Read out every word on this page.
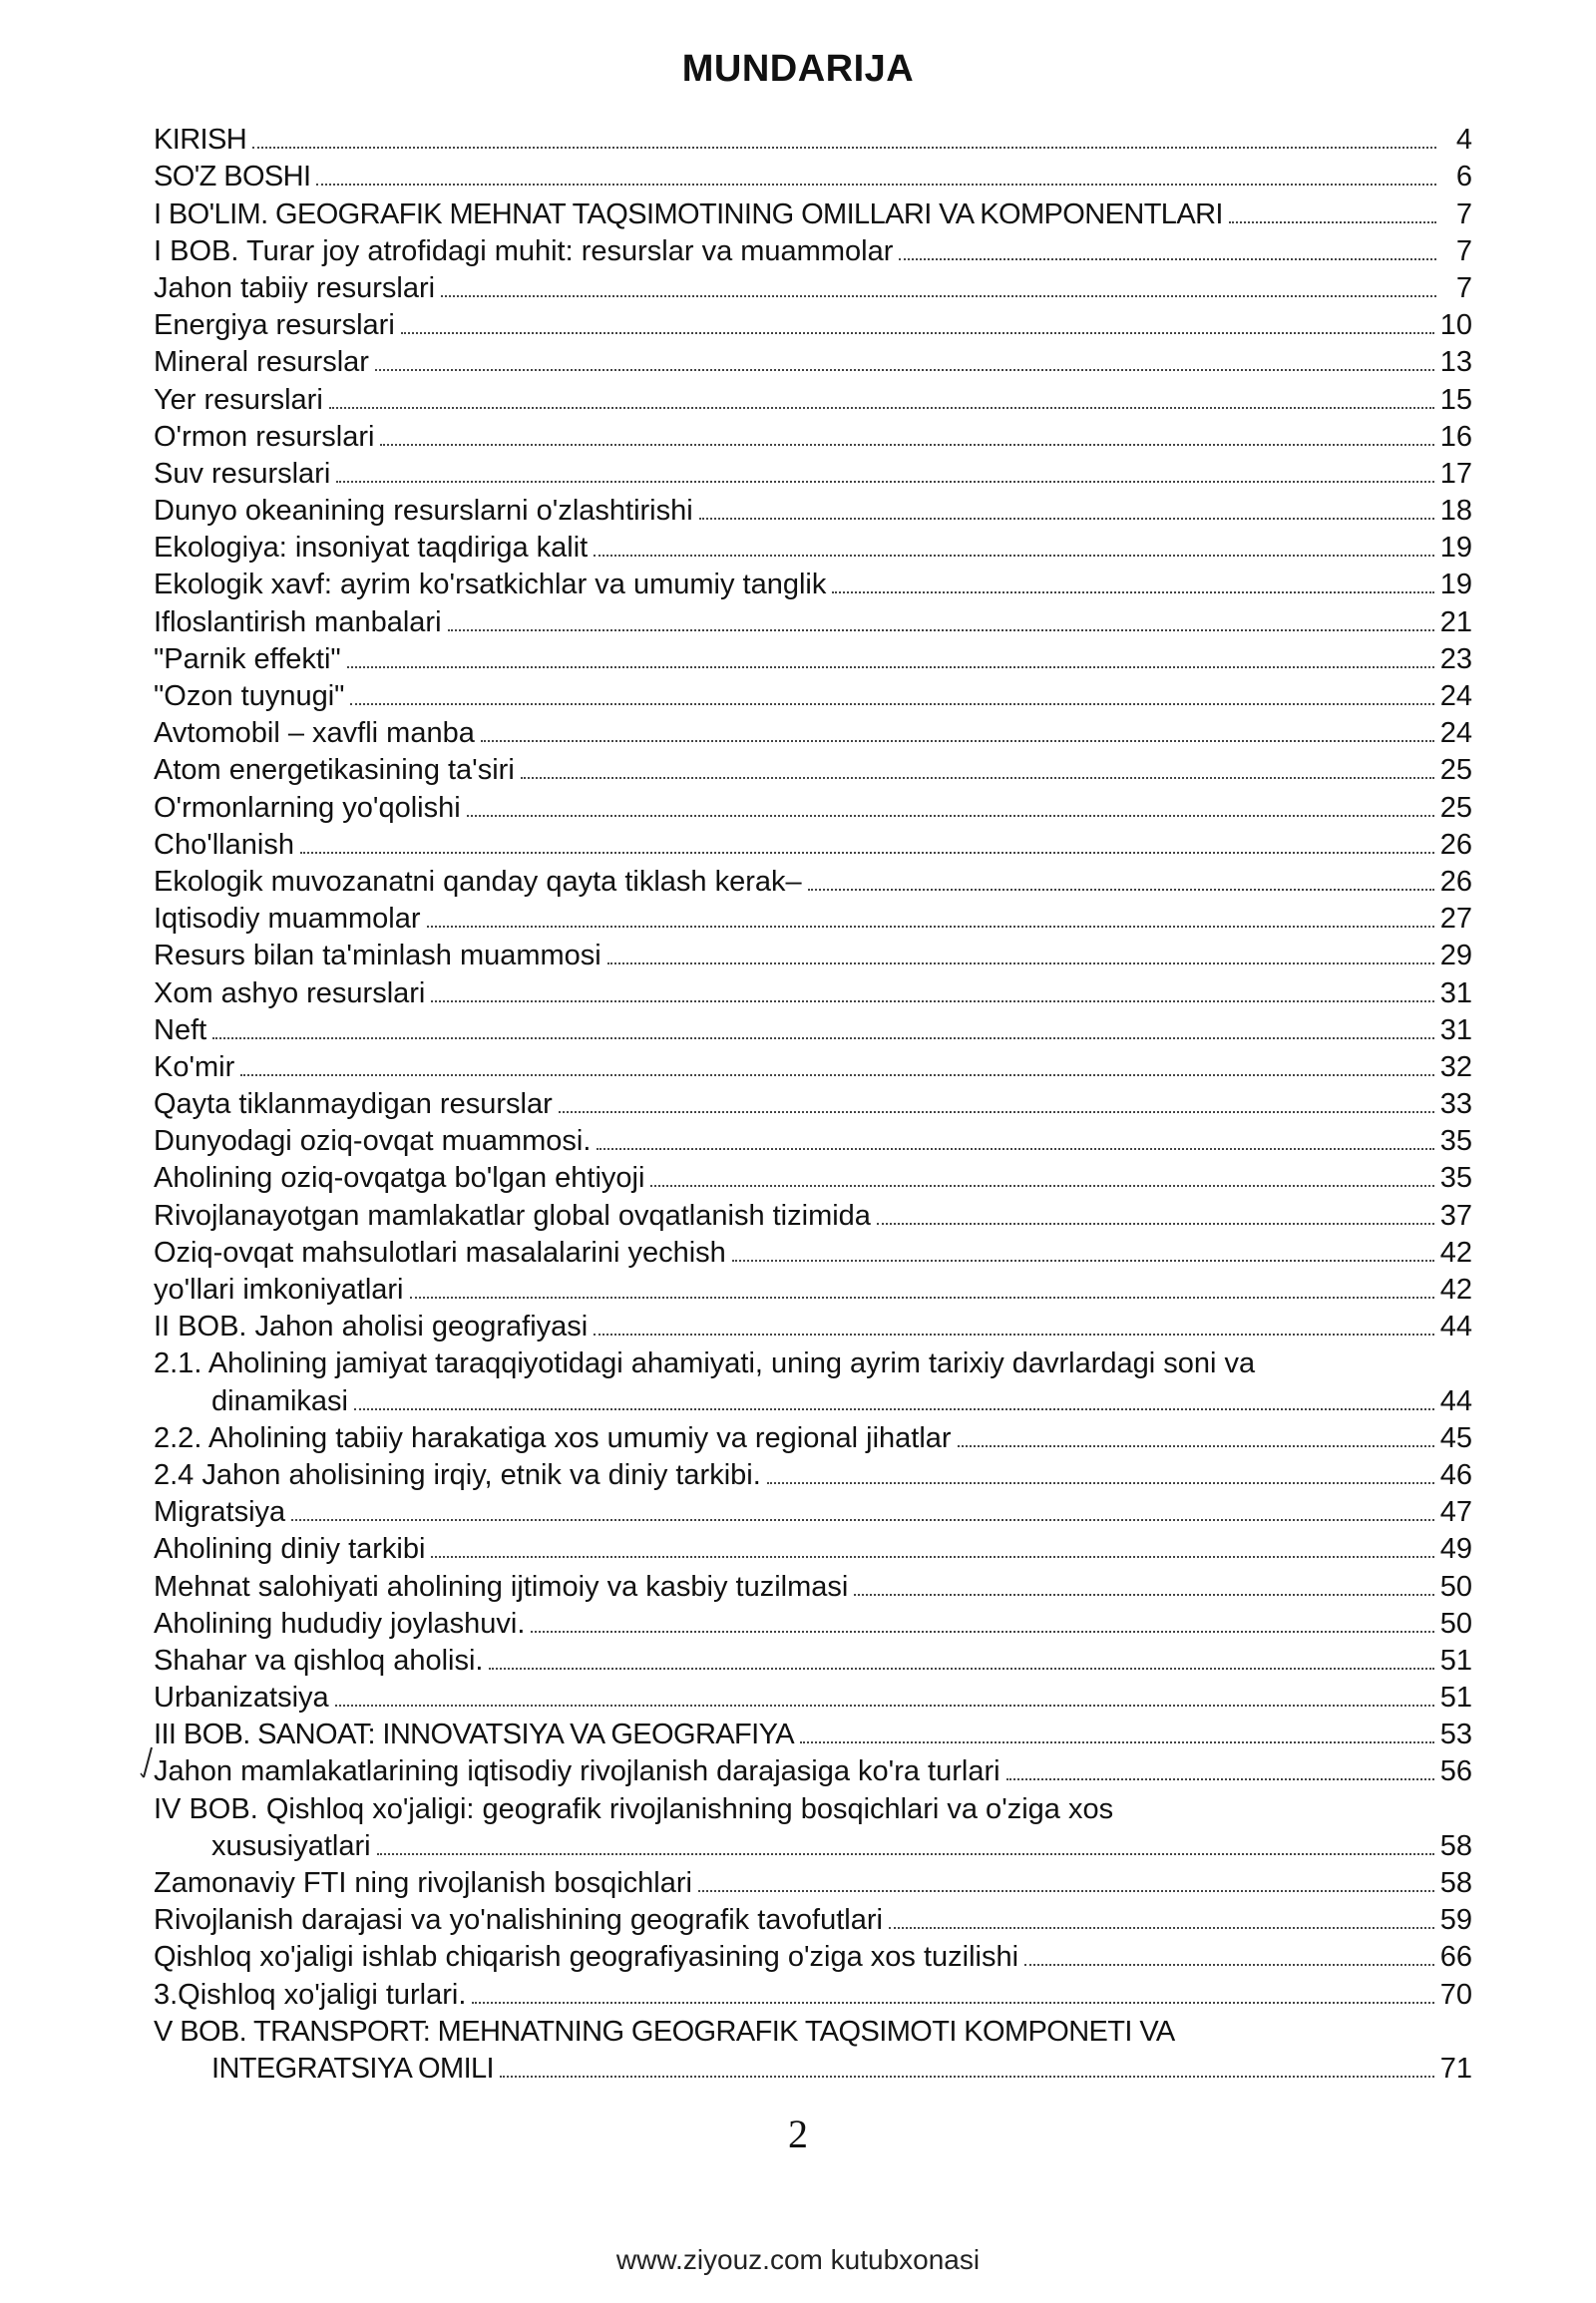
MUNDARIJA
KIRISH	4
SO'Z BOSHI	6
I BO'LIM. GEOGRAFIK MEHNAT TAQSIMOTINING OMILLARI VA KOMPONENTLARI	7
I BOB. Turar joy atrofidagi muhit: resurslar va muammolar	7
Jahon tabiiy resurslari	7
Energiya resurslari	10
Mineral resurslar	13
Yer resurslari	15
O'rmon resurslari	16
Suv resurslari	17
Dunyo okeanining resurslarni o'zlashtirishi	18
Ekologiya: insoniyat taqdiriga kalit	19
Ekologik xavf: ayrim ko'rsatkichlar va umumiy tanglik	19
Ifloslantirish manbalari	21
"Parnik effekti"	23
"Ozon tuynugi"	24
Avtomobil – xavfli manba	24
Atom energetikasining ta'siri	25
O'rmonlarning yo'qolishi	25
Cho'llanish	26
Ekologik muvozanatni qanday qayta tiklash kerak–	26
Iqtisodiy muammolar	27
Resurs bilan ta'minlash muammosi	29
Xom ashyo resurslari	31
Neft	31
Ko'mir	32
Qayta tiklanmaydigan resurslar	33
Dunyodagi oziq-ovqat muammosi.	35
Aholining oziq-ovqatga bo'lgan ehtiyoji	35
Rivojlanayotgan mamlakatlar global ovqatlanish tizimida	37
Oziq-ovqat mahsulotlari masalalarini yechish	42
yo'llari imkoniyatlari	42
II BOB. Jahon aholisi geografiyasi	44
2.1. Aholining jamiyat taraqqiyotidagi ahamiyati, uning ayrim tarixiy davrlardagi soni va
dinamikasi	44
2.2. Aholining tabiiy harakatiga xos umumiy va regional jihatlar	45
2.4 Jahon aholisining irqiy, etnik va diniy tarkibi.	46
Migratsiya	47
Aholining diniy tarkibi	49
Mehnat salohiyati aholining ijtimoiy va kasbiy tuzilmasi	50
Aholining hududiy joylashuvi.	50
Shahar va qishloq aholisi.	51
Urbanizatsiya	51
III BOB. SANOAT: INNOVATSIYA VA GEOGRAFIYA	53
Jahon mamlakatlarining iqtisodiy rivojlanish darajasiga ko'ra turlari	56
IV BOB. Qishloq xo'jaligi: geografik rivojlanishning bosqichlari va o'ziga xos
xususiyatlari	58
Zamonaviy FTI ning rivojlanish bosqichlari	58
Rivojlanish darajasi va yo'nalishining geografik tavofutlari	59
Qishloq xo'jaligi ishlab chiqarish geografiyasining o'ziga xos tuzilishi	66
3.Qishloq xo'jaligi turlari.	70
V BOB. TRANSPORT: MEHNATNING GEOGRAFIK TAQSIMOTI KOMPONETI VA
INTEGRATSIYA OMILI	71
2
www.ziyouz.com kutubxonasi
